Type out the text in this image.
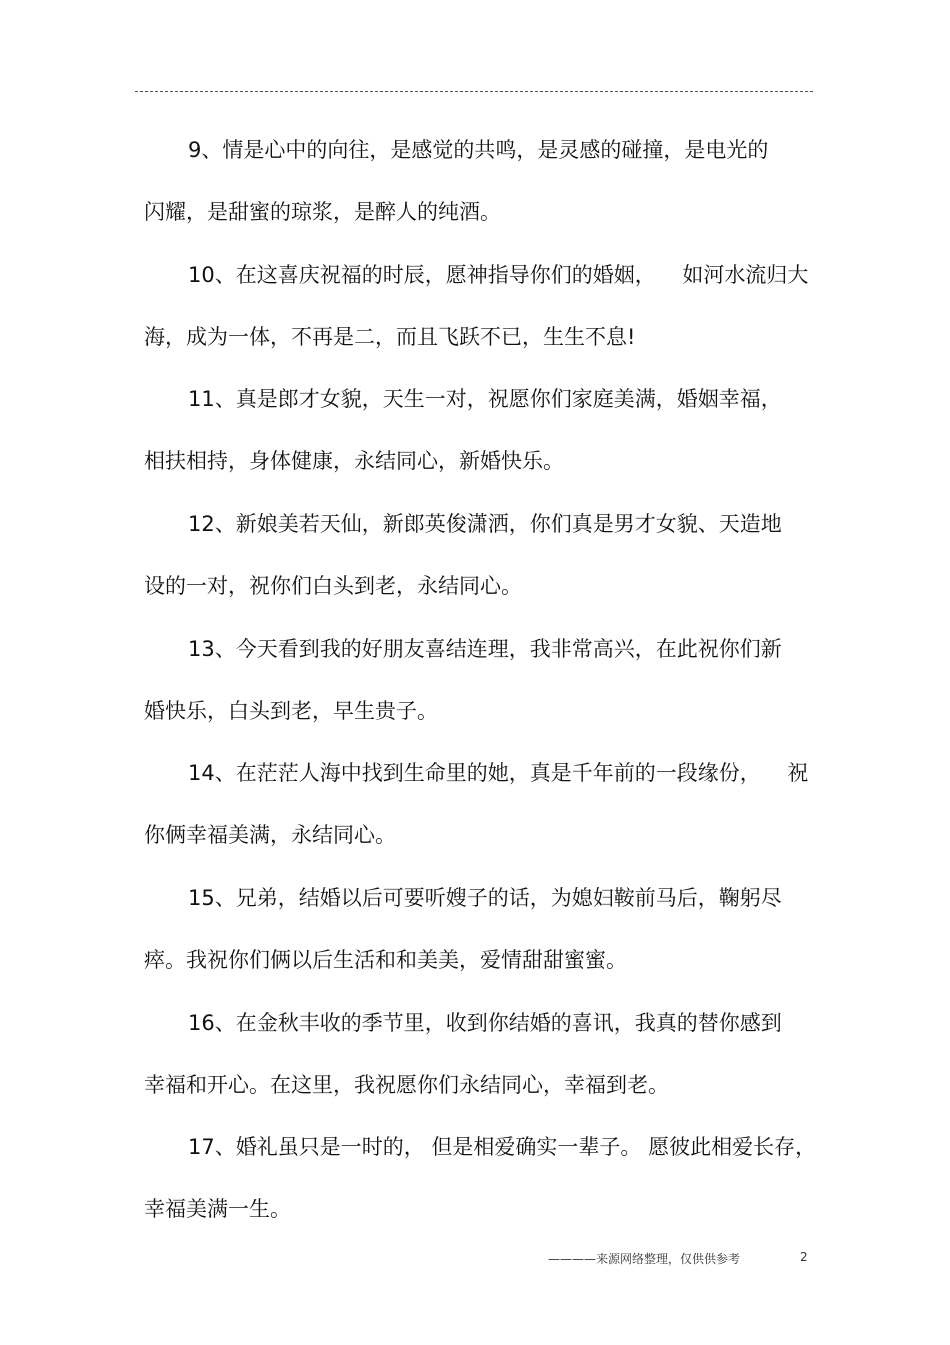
9、情是心中的向往，是感觉的共鸣，是灵感的碰撞，是电光的
闪耀，是甜蜜的琼浆，是醉人的纯酒。
10、在这喜庆祝福的时辰，愿神指导你们的婚姻，    如河水流归大
海，成为一体，不再是二，而且飞跃不已，生生不息!
11、真是郎才女貌，天生一对，祝愿你们家庭美满，婚姻幸福，
相扶相持，身体健康，永结同心，新婚快乐。
12、新娘美若天仙，新郎英俊潇洒，你们真是男才女貌、天造地
设的一对，祝你们白头到老，永结同心。
13、今天看到我的好朋友喜结连理，我非常高兴，在此祝你们新
婚快乐，白头到老，早生贵子。
14、在茫茫人海中找到生命里的她，真是千年前的一段缘份，    祝
你俩幸福美满，永结同心。
15、兄弟，结婚以后可要听嫂子的话，为媳妇鞍前马后，鞠躬尽
瘁。我祝你们俩以后生活和和美美，爱情甜甜蜜蜜。
16、在金秋丰收的季节里，收到你结婚的喜讯，我真的替你感到
幸福和开心。在这里，我祝愿你们永结同心，幸福到老。
17、婚礼虽只是一时的， 但是相爱确实一辈子。 愿彼此相爱长存，
幸福美满一生。
————来源网络整理，仅供供参考	2
